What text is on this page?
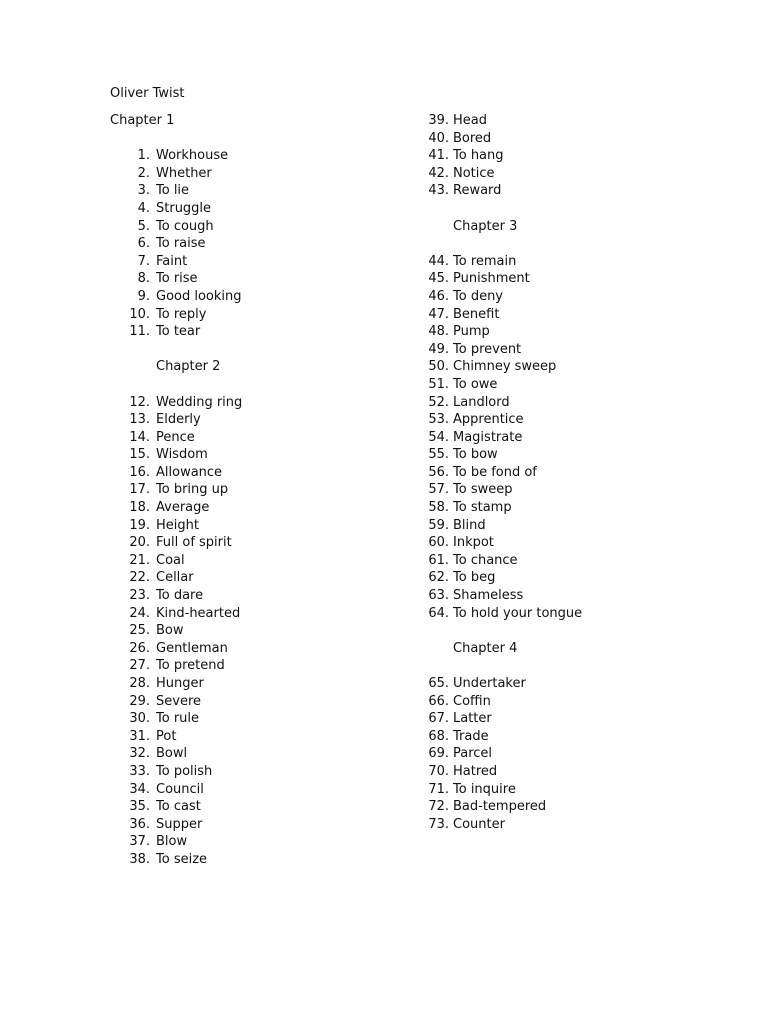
Oliver Twist
Chapter 1
1. Workhouse
2. Whether
3. To lie
4. Struggle
5. To cough
6. To raise
7. Faint
8. To rise
9. Good looking
10. To reply
11. To tear
Chapter 2
12. Wedding ring
13. Elderly
14. Pence
15. Wisdom
16. Allowance
17. To bring up
18. Average
19. Height
20. Full of spirit
21. Coal
22. Cellar
23. To dare
24. Kind-hearted
25. Bow
26. Gentleman
27. To pretend
28. Hunger
29. Severe
30. To rule
31. Pot
32. Bowl
33. To polish
34. Council
35. To cast
36. Supper
37. Blow
38. To seize
39. Head
40. Bored
41. To hang
42. Notice
43. Reward
Chapter 3
44. To remain
45. Punishment
46. To deny
47. Benefit
48. Pump
49. To prevent
50. Chimney sweep
51. To owe
52. Landlord
53. Apprentice
54. Magistrate
55. To bow
56. To be fond of
57. To sweep
58. To stamp
59. Blind
60. Inkpot
61. To chance
62. To beg
63. Shameless
64. To hold your tongue
Chapter 4
65. Undertaker
66. Coffin
67. Latter
68. Trade
69. Parcel
70. Hatred
71. To inquire
72. Bad-tempered
73. Counter
